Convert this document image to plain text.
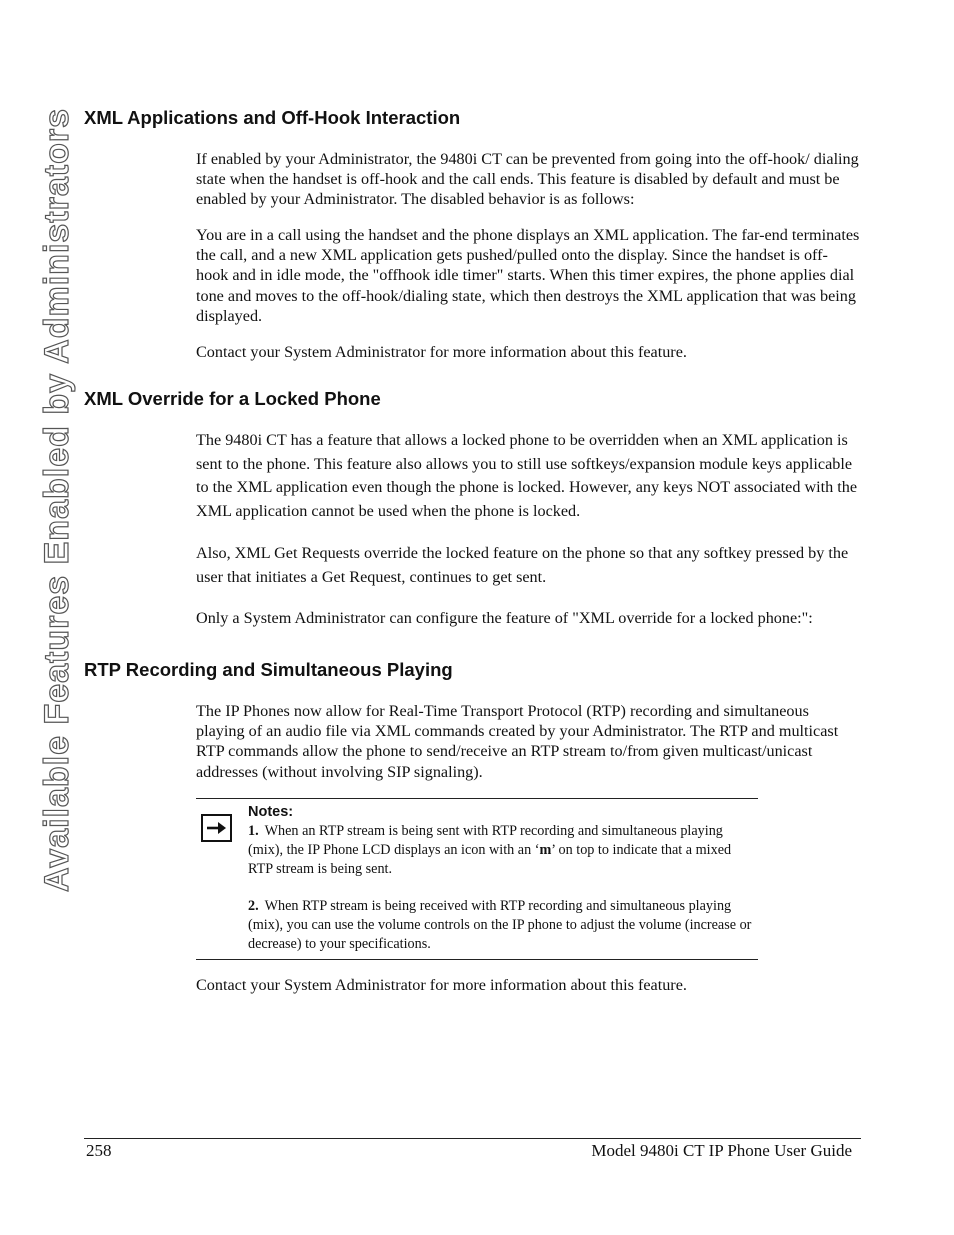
Available Features Enabled by Administrators XML Applications and Off-Hook Interaction

If enabled by your Administrator, the 9480i CT can be prevented from going into the off-hook/ dialing state when the handset is off-hook and the call ends. This feature is disabled by default and must be enabled by your Administrator. The disabled behavior is as follows:

You are in a call using the handset and the phone displays an XML application. The far-end terminates the call, and a new XML application gets pushed/pulled onto the display. Since the handset is off-hook and in idle mode, the "offhook idle timer" starts. When this timer expires, the phone applies dial tone and moves to the off-hook/dialing state, which then destroys the XML application that was being displayed.

Contact your System Administrator for more information about this feature.

XML Override for a Locked Phone

The 9480i CT has a feature that allows a locked phone to be overridden when an XML application is sent to the phone. This feature also allows you to still use softkeys/expansion module keys applicable to the XML application even though the phone is locked. However, any keys NOT associated with the XML application cannot be used when the phone is locked.

Also, XML Get Requests override the locked feature on the phone so that any softkey pressed by the user that initiates a Get Request, continues to get sent.

Only a System Administrator can configure the feature of "XML override for a locked phone:":

RTP Recording and Simultaneous Playing

The IP Phones now allow for Real-Time Transport Protocol (RTP) recording and simultaneous playing of an audio file via XML commands created by your Administrator. The RTP and multicast RTP commands allow the phone to send/receive an RTP stream to/from given multicast/unicast addresses (without involving SIP signaling).

Notes:
1. When an RTP stream is being sent with RTP recording and simultaneous playing (mix), the IP Phone LCD displays an icon with an ‘m’ on top to indicate that a mixed RTP stream is being sent.
2. When RTP stream is being received with RTP recording and simultaneous playing (mix), you can use the volume controls on the IP phone to adjust the volume (increase or decrease) to your specifications.

Contact your System Administrator for more information about this feature.

258	Model 9480i CT IP Phone User Guide
